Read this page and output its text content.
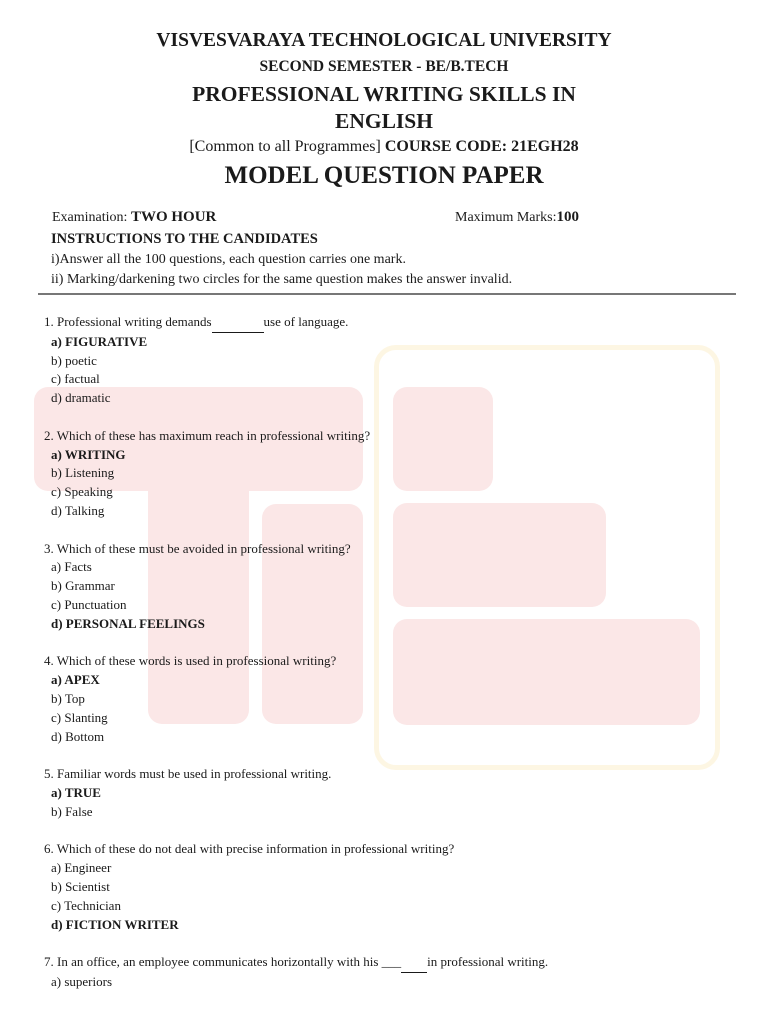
VISVESVARAYA TECHNOLOGICAL UNIVERSITY
SECOND SEMESTER - BE/B.TECH
PROFESSIONAL WRITING SKILLS IN
ENGLISH
[Common to all Programmes] COURSE CODE: 21EGH28
MODEL QUESTION PAPER
Examination: TWO HOUR	Maximum Marks:100
INSTRUCTIONS TO THE CANDIDATES
i)Answer all the 100 questions, each question carries one mark.
ii) Marking/darkening two circles for the same question makes the answer invalid.
1. Professional writing demands	use of language.
a) FIGURATIVE
b) poetic
c) factual
d) dramatic
2. Which of these has maximum reach in professional writing?
a) WRITING
b) Listening
c) Speaking
d) Talking
3. Which of these must be avoided in professional writing?
a) Facts
b) Grammar
c) Punctuation
d) PERSONAL FEELINGS
4. Which of these words is used in professional writing?
a) APEX
b) Top
c) Slanting
d) Bottom
5. Familiar words must be used in professional writing.
a) TRUE
b) False
6. Which of these do not deal with precise information in professional writing?
a) Engineer
b) Scientist
c) Technician
d) FICTION WRITER
7. In an office, an employee communicates horizontally with his ___ in professional writing.
a) superiors
